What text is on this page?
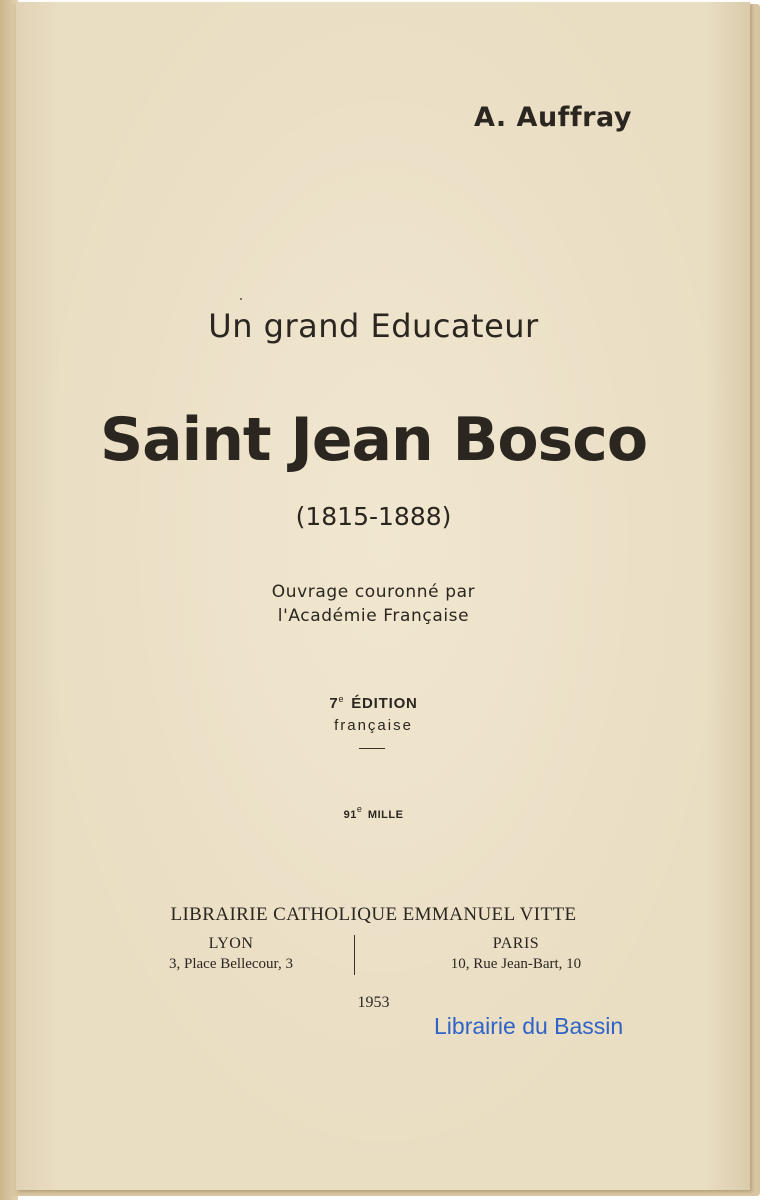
A. Auffray
Un grand Educateur
Saint Jean Bosco
(1815-1888)
Ouvrage couronné par
l'Académie Française
7e ÉDITION
française
91e MILLE
LIBRAIRIE CATHOLIQUE EMMANUEL VITTE
LYON
3, Place Bellecour, 3
PARIS
10, Rue Jean-Bart, 10
1953
Librairie du Bassin
